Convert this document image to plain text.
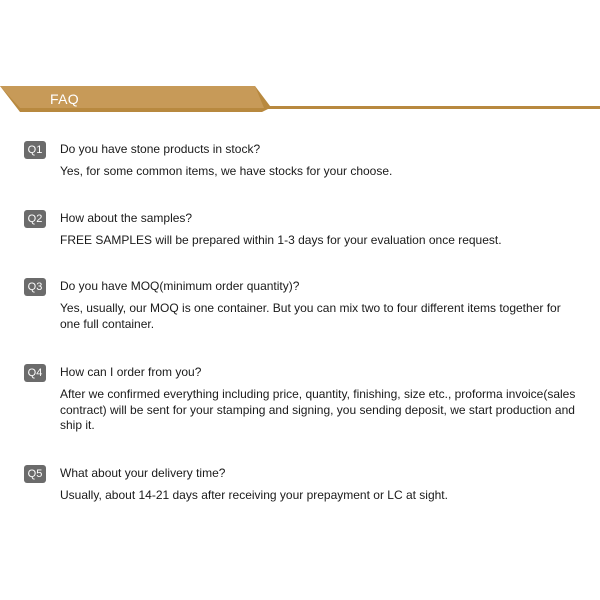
FAQ
Q1	Do you have stone products in stock?
Yes, for some common items, we have stocks for your choose.
Q2	How about the samples?
FREE SAMPLES will be prepared within 1-3 days for your evaluation once request.
Q3	Do you have MOQ(minimum order quantity)?
Yes, usually, our MOQ is one container. But you can mix two to four different items together for one full container.
Q4	How can I order from you?
After we confirmed everything including price, quantity, finishing, size etc., proforma invoice(sales contract) will be sent for your stamping and signing, you sending deposit, we start production and ship it.
Q5	What about your delivery time?
Usually, about 14-21 days after receiving your prepayment or LC at sight.
